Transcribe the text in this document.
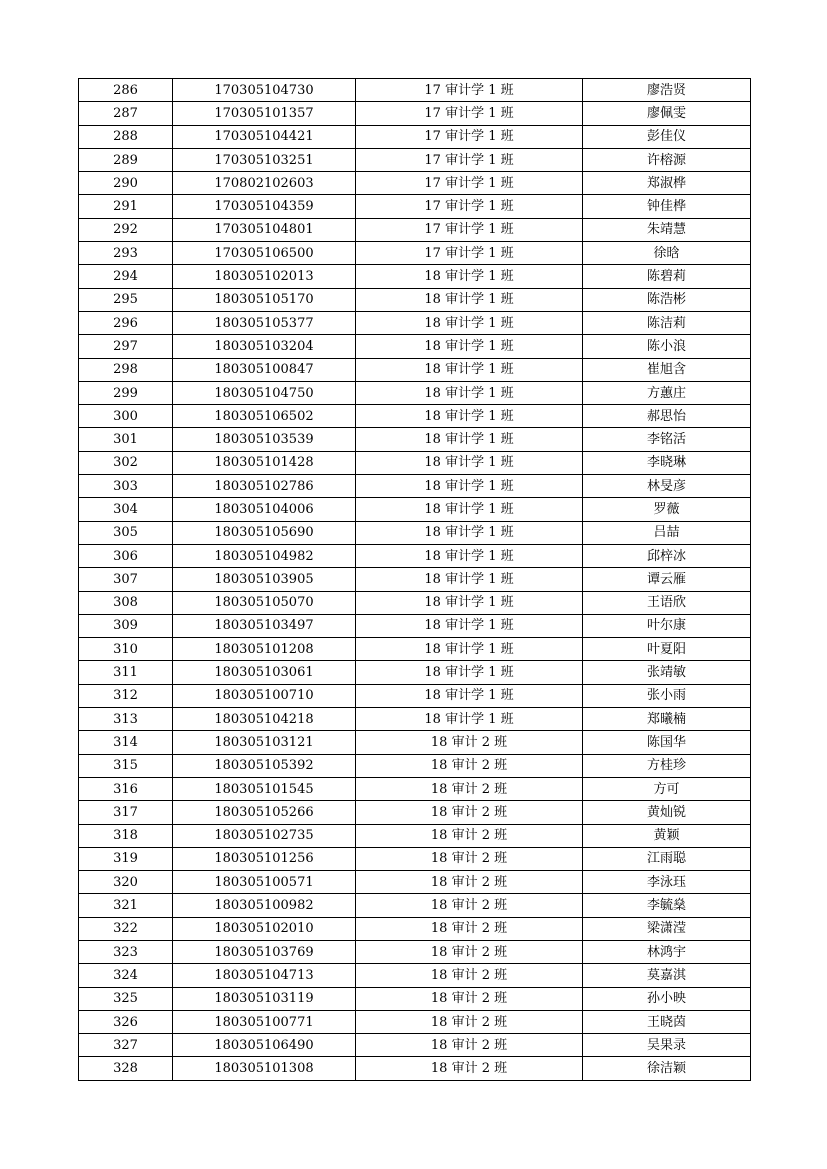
286	170305104730	17 审计学 1 班	廖浩贤
287	170305101357	17 审计学 1 班	廖佩雯
288	170305104421	17 审计学 1 班	彭佳仪
289	170305103251	17 审计学 1 班	许榕源
290	170802102603	17 审计学 1 班	郑淑桦
291	170305104359	17 审计学 1 班	钟佳桦
292	170305104801	17 审计学 1 班	朱靖慧
293	170305106500	17 审计学 1 班	徐晗
294	180305102013	18 审计学 1 班	陈碧莉
295	180305105170	18 审计学 1 班	陈浩彬
296	180305105377	18 审计学 1 班	陈洁莉
297	180305103204	18 审计学 1 班	陈小浪
298	180305100847	18 审计学 1 班	崔旭含
299	180305104750	18 审计学 1 班	方蕙庄
300	180305106502	18 审计学 1 班	郝思怡
301	180305103539	18 审计学 1 班	李铭活
302	180305101428	18 审计学 1 班	李晓琳
303	180305102786	18 审计学 1 班	林旻彦
304	180305104006	18 审计学 1 班	罗薇
305	180305105690	18 审计学 1 班	吕喆
306	180305104982	18 审计学 1 班	邱梓冰
307	180305103905	18 审计学 1 班	谭云雁
308	180305105070	18 审计学 1 班	王语欣
309	180305103497	18 审计学 1 班	叶尔康
310	180305101208	18 审计学 1 班	叶夏阳
311	180305103061	18 审计学 1 班	张靖敏
312	180305100710	18 审计学 1 班	张小雨
313	180305104218	18 审计学 1 班	郑曦楠
314	180305103121	18 审计 2 班	陈国华
315	180305105392	18 审计 2 班	方桂珍
316	180305101545	18 审计 2 班	方可
317	180305105266	18 审计 2 班	黄灿锐
318	180305102735	18 审计 2 班	黄颖
319	180305101256	18 审计 2 班	江雨聪
320	180305100571	18 审计 2 班	李泳珏
321	180305100982	18 审计 2 班	李毓燊
322	180305102010	18 审计 2 班	梁潇滢
323	180305103769	18 审计 2 班	林鸿宇
324	180305104713	18 审计 2 班	莫嘉淇
325	180305103119	18 审计 2 班	孙小映
326	180305100771	18 审计 2 班	王晓茵
327	180305106490	18 审计 2 班	吴果录
328	180305101308	18 审计 2 班	徐洁颖
